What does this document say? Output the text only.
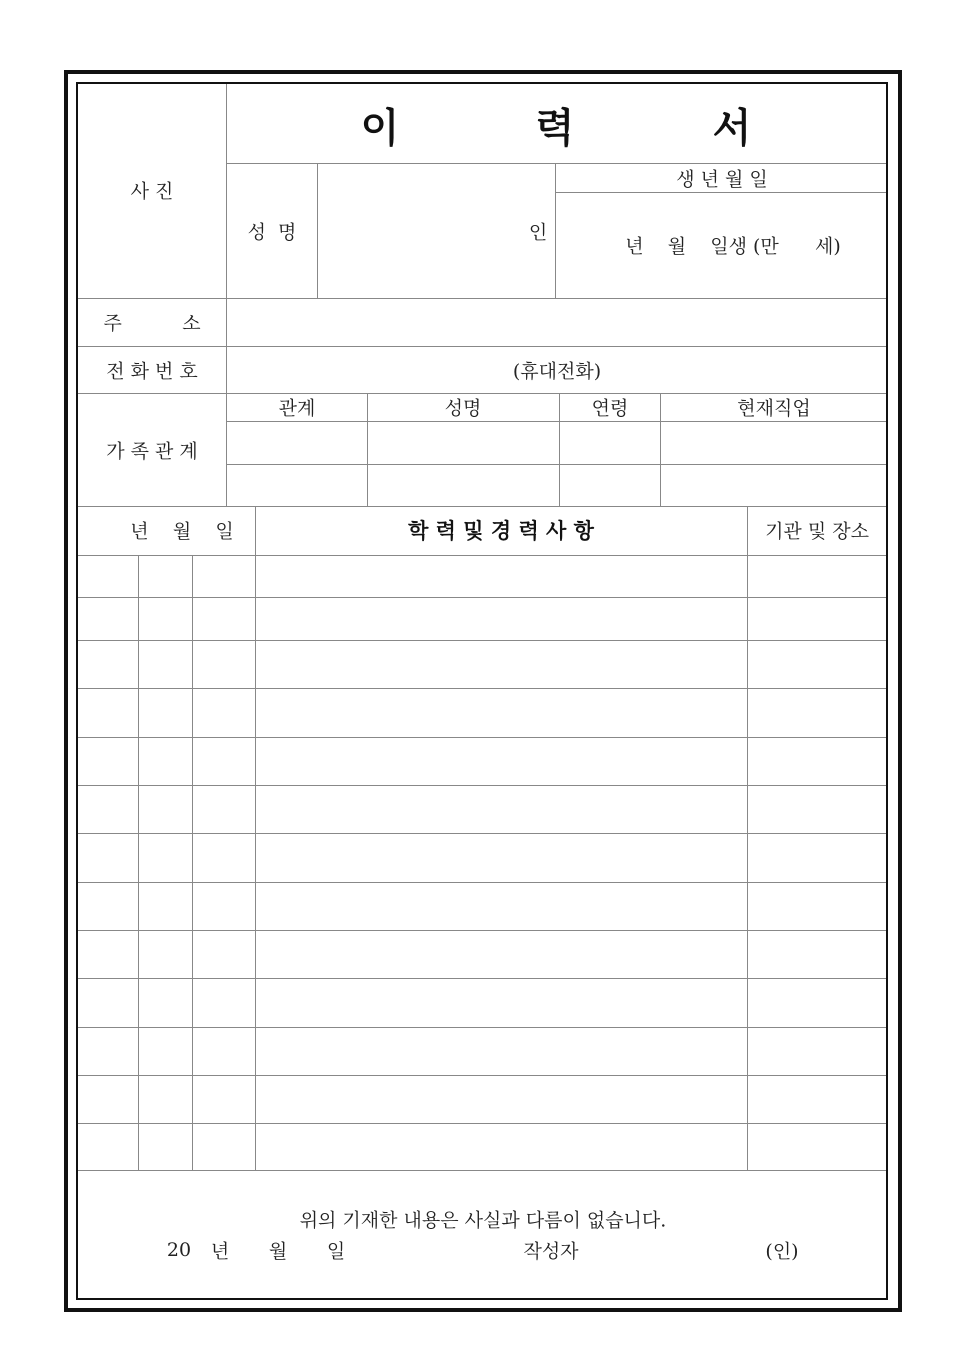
이	력	서
사 진
성  명	인
생 년 월 일
년    월    일생 (만      세)
주          소
전 화 번 호	(휴대전화)
가 족 관 계
관계	성명	연령	현재직업
년    월    일	학 력 및 경 력 사 항	기관 및 장소
위의 기재한 내용은 사실과 다름이 없습니다.
20 년 월 일	작성자	(인)
